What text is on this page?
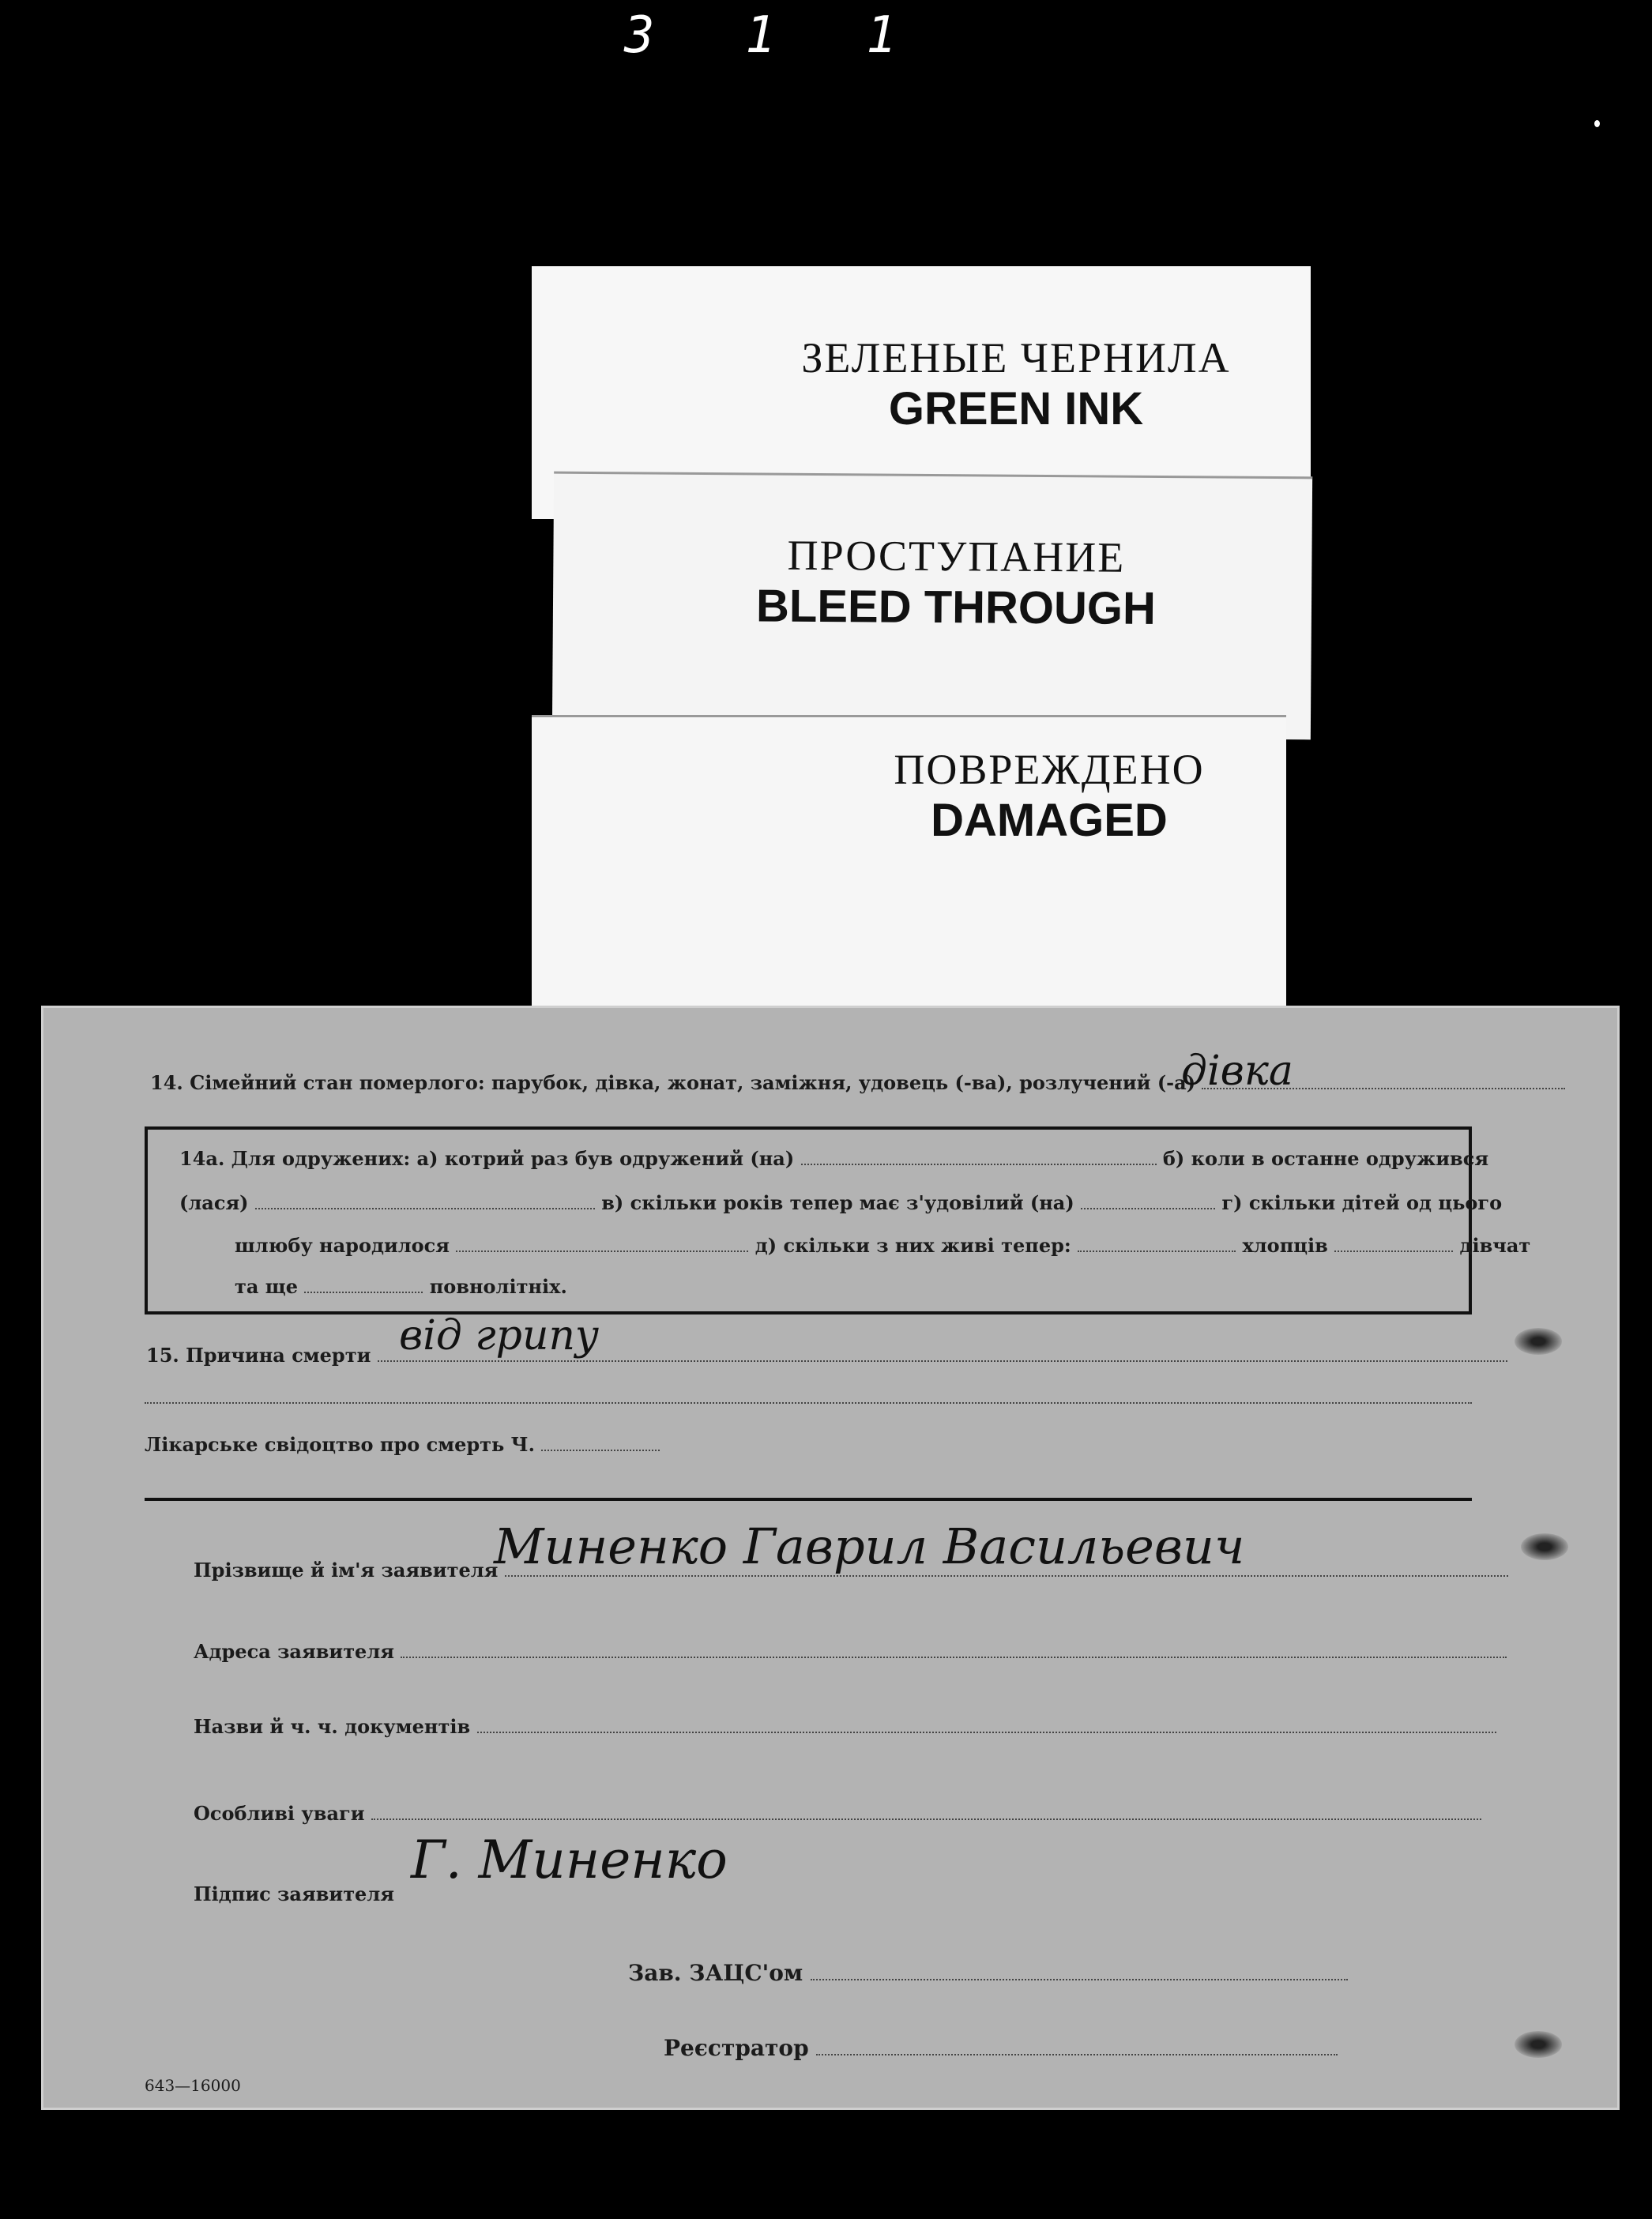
3 1 1
ЗЕЛЕНЫЕ ЧЕРНИЛА
GREEN INK
ПРОСТУПАНИЕ
BLEED THROUGH
ПОВРЕЖДЕНО
DAMAGED
14. Сімейний стан померлого: парубок, дівка, жонат, заміжня, удовець (-ва), розлучений (-а)
дівка
14а. Для одружених: а) котрий раз був одружений (на)	б) коли в останне одружився
(лася)	в) скільки років тепер має з'удовілий (на)	г) скільки дітей од цього
шлюбу народилося	д) скільки з них живі тепер:	хлопців	дівчат
та ще	повнолітніх.
15. Причина смерти від грипу
Лікарське свідоцтво про смерть Ч.
Прізвище й ім'я заявителя
Миненко Гаврил Васильевич
Адреса заявителя
Назви й ч. ч. документів
Особливі уваги
Підпис заявителя
Г. Миненко
Зав. ЗАЦС'ом
Реєстратор
643—16000
